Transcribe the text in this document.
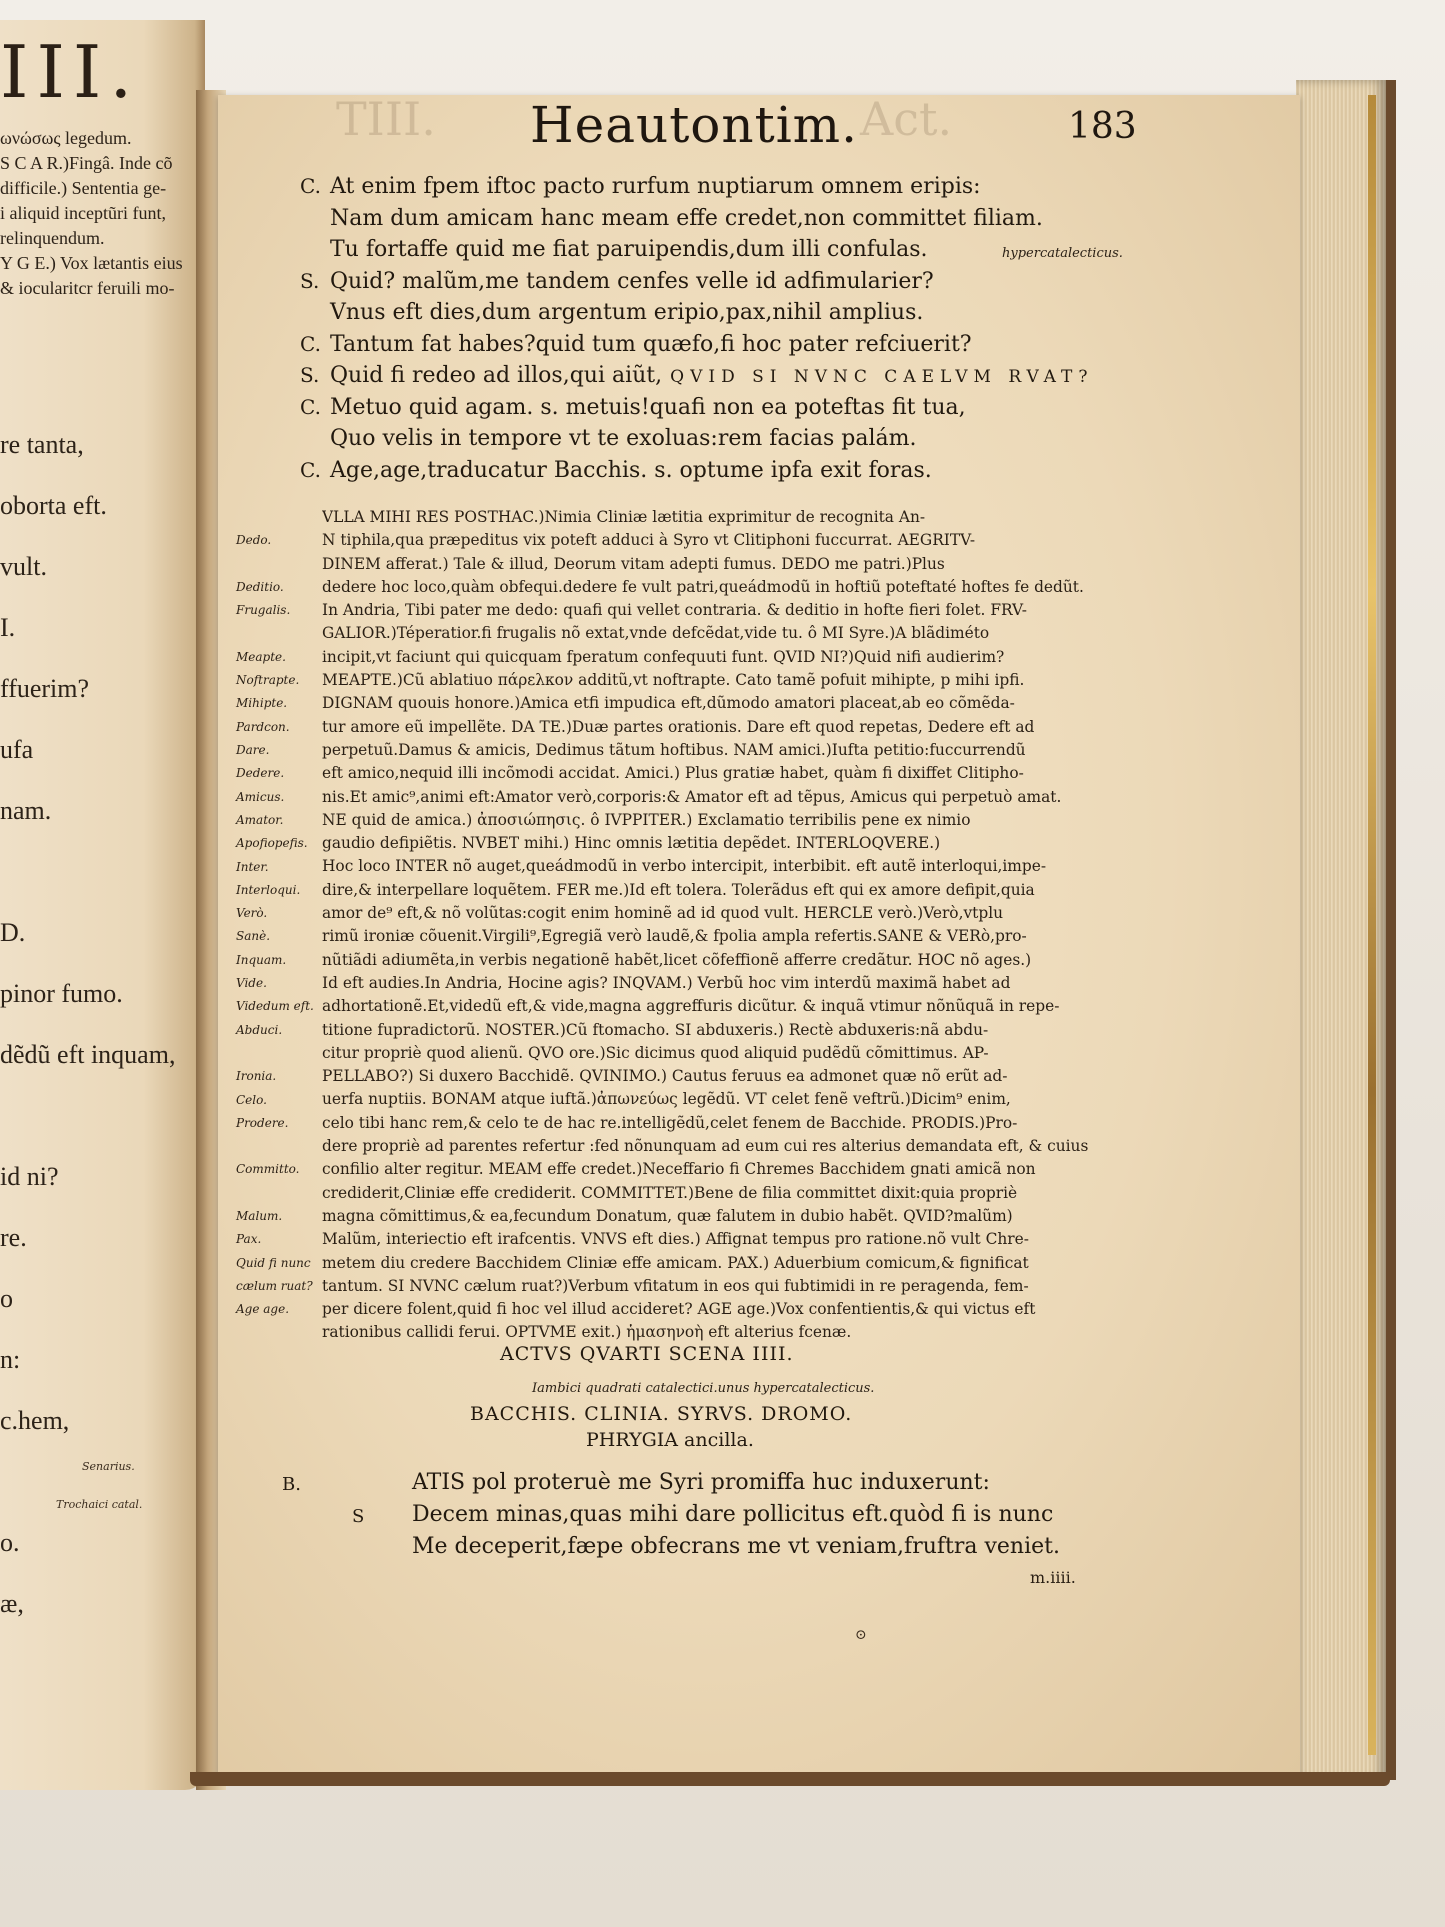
III.
ωνώσως legedum.
S C A R.)Fingâ. Inde cõ
difficile.) Sententia ge-
i aliquid inceptũri funt,
relinquendum.
Y G E.) Vox lætantis eius
& iocularitcr feruili mo-
re tanta,
oborta eft.
vult.
I.
ffuerim?
ufa
nam.
D.
pinor fumo.
dẽdũ eft inquam,
id ni?
re.
o
n:
c.hem,
o.
æ,
Senarius.
Trochaici catal.
TIII.	Act.
Heautontim.	183
C. At enim fpem iftoc pacto rurfum nuptiarum omnem eripis:
Nam dum amicam hanc meam effe credet,non committet filiam.
Tu fortaffe quid me fiat paruipendis,dum illi confulas.
S. Quid? malũm,me tandem cenfes velle id adfimularier?
Vnus eft dies,dum argentum eripio,pax,nihil amplius.
C. Tantum fat habes?quid tum quæfo,fi hoc pater refciuerit?
S. Quid fi redeo ad illos,qui aiũt, QVID SI NVNC CAELVM RVAT?
C. Metuo quid agam. s. metuis!quafi non ea poteftas fit tua,
Quo velis in tempore vt te exoluas:rem facias palám.
C. Age,age,traducatur Bacchis. s. optume ipfa exit foras.
hypercatalecticus.
VLLA MIHI RES POSTHAC.)Nimia Cliniæ lætitia exprimitur de recognita An-
N tiphila,qua præpeditus vix poteft adduci à Syro vt Clitiphoni fuccurrat. AEGRITV-
DINEM afferat.) Tale & illud, Deorum vitam adepti fumus. DEDO me patri.)Plus
dedere hoc loco,quàm obfequi.dedere fe vult patri,queádmodũ in hoftiũ poteftaté hoftes fe dedũt.
In Andria, Tibi pater me dedo: quafi qui vellet contraria. & deditio in hofte fieri folet. FRV-
GALIOR.)Téperatior.fi frugalis nõ extat,vnde defcẽdat,vide tu. ô MI Syre.)A blãdiméto
incipit,vt faciunt qui quicquam fperatum confequuti funt. QVID NI?)Quid nifi audierim?
MEAPTE.)Cũ ablatiuo πάρελκον additũ,vt noftrapte. Cato tamẽ pofuit mihipte, p mihi ipfi.
DIGNAM quouis honore.)Amica etfi impudica eft,dũmodo amatori placeat,ab eo cõmẽda-
tur amore eũ impellẽte. DA TE.)Duæ partes orationis. Dare eft quod repetas, Dedere eft ad
perpetuũ.Damus & amicis, Dedimus tãtum hoftibus. NAM amici.)Iufta petitio:fuccurrendũ
eft amico,nequid illi incõmodi accidat. Amici.) Plus gratiæ habet, quàm fi dixiffet Clitipho-
nis.Et amic⁹,animi eft:Amator verò,corporis:& Amator eft ad tẽpus, Amicus qui perpetuò amat.
NE quid de amica.) ἀποσιώπησις. ô IVPPITER.) Exclamatio terribilis pene ex nimio
gaudio defipiẽtis. NVBET mihi.) Hinc omnis lætitia depẽdet. INTERLOQVERE.)
Hoc loco INTER nõ auget,queádmodũ in verbo intercipit, interbibit. eft autẽ interloqui,impe-
dire,& interpellare loquẽtem. FER me.)Id eft tolera. Tolerãdus eft qui ex amore defipit,quia
amor de⁹ eft,& nõ volũtas:cogit enim hominẽ ad id quod vult. HERCLE verò.)Verò,vtplu
rimũ ironiæ cõuenit.Virgili⁹,Egregiã verò laudẽ,& fpolia ampla refertis.SANE & VERò,pro-
nũtiãdi adiumẽta,in verbis negationẽ habẽt,licet cõfeffionẽ afferre credãtur. HOC nõ ages.)
Id eft audies.In Andria, Hocine agis? INQVAM.) Verbũ hoc vim interdũ maximã habet ad
adhortationẽ.Et,videdũ eft,& vide,magna aggreffuris dicũtur. & inquã vtimur nõnũquã in repe-
titione fupradictorũ. NOSTER.)Cũ ftomacho. SI abduxeris.) Rectè abduxeris:nã abdu-
citur propriè quod alienũ. QVO ore.)Sic dicimus quod aliquid pudẽdũ cõmittimus. AP-
PELLABO?) Si duxero Bacchidẽ. QVINIMO.) Cautus feruus ea admonet quæ nõ erũt ad-
uerfa nuptiis. BONAM atque iuftã.)ἀπωνεύως legẽdũ. VT celet fenẽ veftrũ.)Dicim⁹ enim,
celo tibi hanc rem,& celo te de hac re.intelligẽdũ,celet fenem de Bacchide. PRODIS.)Pro-
dere propriè ad parentes refertur :fed nõnunquam ad eum cui res alterius demandata eft, & cuius
confilio alter regitur. MEAM effe credet.)Neceffario fi Chremes Bacchidem gnati amicã non
crediderit,Cliniæ effe crediderit. COMMITTET.)Bene de filia committet dixit:quia propriè
magna cõmittimus,& ea,fecundum Donatum, quæ falutem in dubio habẽt. QVID?malũm)
Malũm, interiectio eft irafcentis. VNVS eft dies.) Affignat tempus pro ratione.nõ vult Chre-
metem diu credere Bacchidem Cliniæ effe amicam. PAX.) Aduerbium comicum,& fignificat
tantum. SI NVNC cælum ruat?)Verbum vfitatum in eos qui fubtimidi in re peragenda, fem-
per dicere folent,quid fi hoc vel illud accideret? AGE age.)Vox confentientis,& qui victus eft
rationibus callidi ferui. OPTVME exit.) ἡμασηνοὴ eft alterius fcenæ.
Dedo.
Deditio.
Frugalis.
Meapte.
Noftrapte.
Mihipte.
Pardcon.
Dare.
Dedere.
Amicus.
Amator.
Apofiopefis.
Inter.
Interloqui.
Verò.
Sanè.
Inquam.
Vide.
Videdum eft.
Abduci.
Ironia.
Celo.
Prodere.
Committo.
Malum.
Pax.
Quid fi nunc
cælum ruat?
Age age.
ACTVS QVARTI SCENA IIII.
Iambici quadrati catalectici.unus hypercatalecticus.
BACCHIS. CLINIA. SYRVS. DROMO.
PHRYGIA ancilla.
B.	ATIS pol proteruè me Syri promiffa huc induxerunt:
S Decem minas,quas mihi dare pollicitus eft.quòd fi is nunc
Me deceperit,fæpe obfecrans me vt veniam,fruftra veniet.
m.iiii.
⊙
